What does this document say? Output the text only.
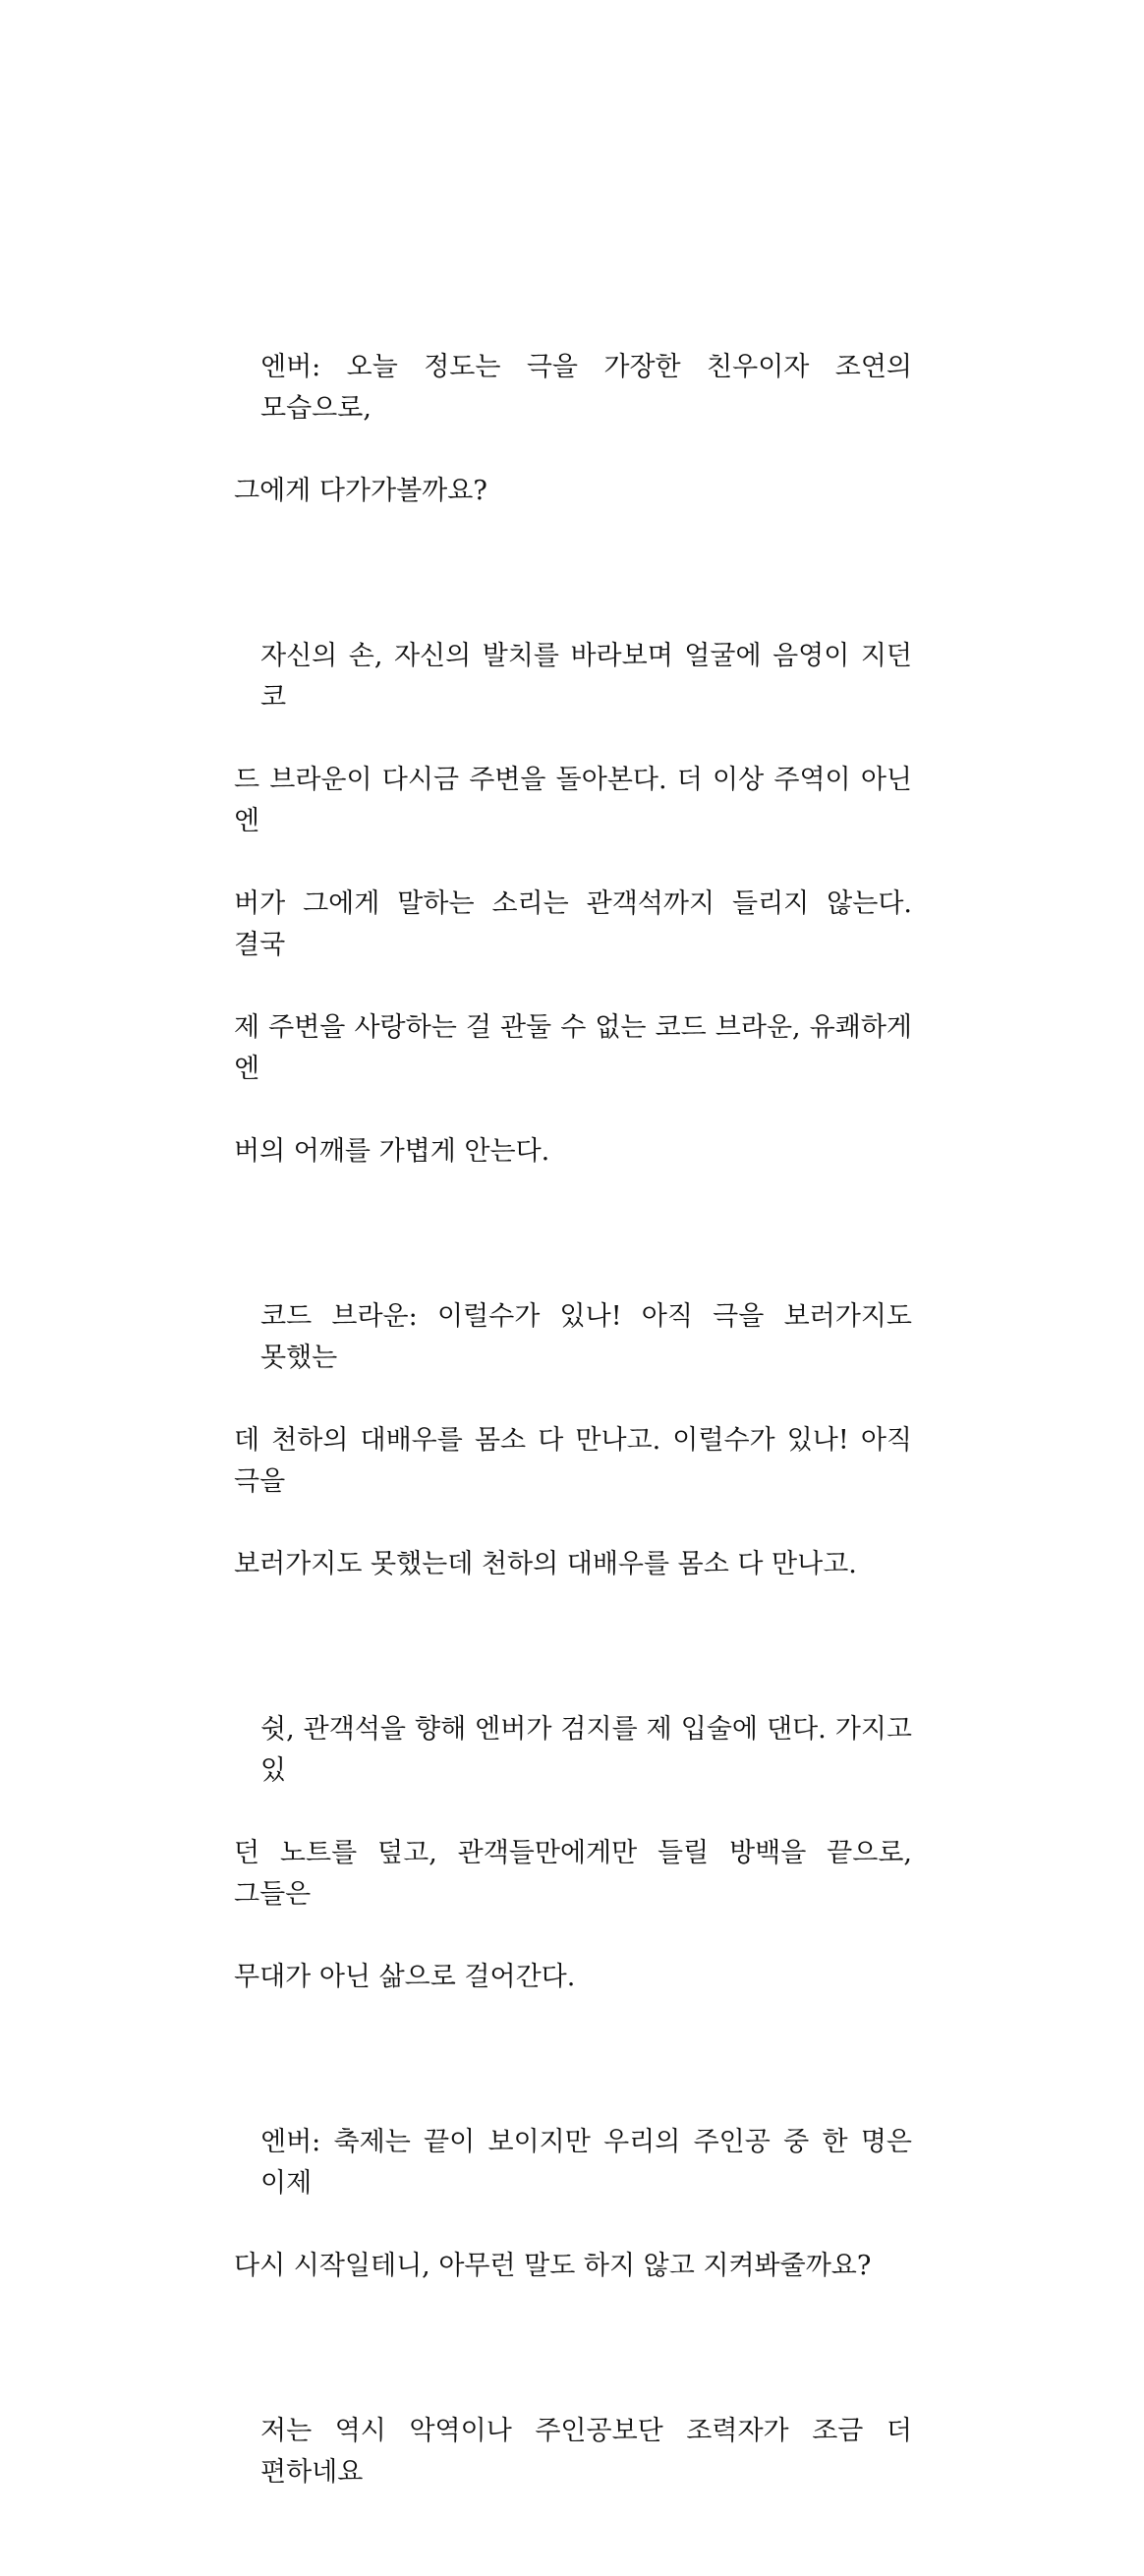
엔버: 오늘 정도는 극을 가장한 친우이자 조연의 모습으로,

그에게 다가가볼까요?

자신의 손, 자신의 발치를 바라보며 얼굴에 음영이 지던 코

드 브라운이 다시금 주변을 돌아본다. 더 이상 주역이 아닌 엔

버가 그에게 말하는 소리는 관객석까지 들리지 않는다. 결국

제 주변을 사랑하는 걸 관둘 수 없는 코드 브라운, 유쾌하게 엔

버의 어깨를 가볍게 안는다.

코드 브라운: 이럴수가 있나! 아직 극을 보러가지도 못했는

데 천하의 대배우를 몸소 다 만나고. 이럴수가 있나! 아직 극을

보러가지도 못했는데 천하의 대배우를 몸소 다 만나고.

쉿, 관객석을 향해 엔버가 검지를 제 입술에 댄다. 가지고 있

던 노트를 덮고, 관객들만에게만 들릴 방백을 끝으로, 그들은

무대가 아닌 삶으로 걸어간다.

엔버: 축제는 끝이 보이지만 우리의 주인공 중 한 명은 이제

다시 시작일테니, 아무런 말도 하지 않고 지켜봐줄까요?

저는 역시 악역이나 주인공보단 조력자가 조금 더 편하네요
